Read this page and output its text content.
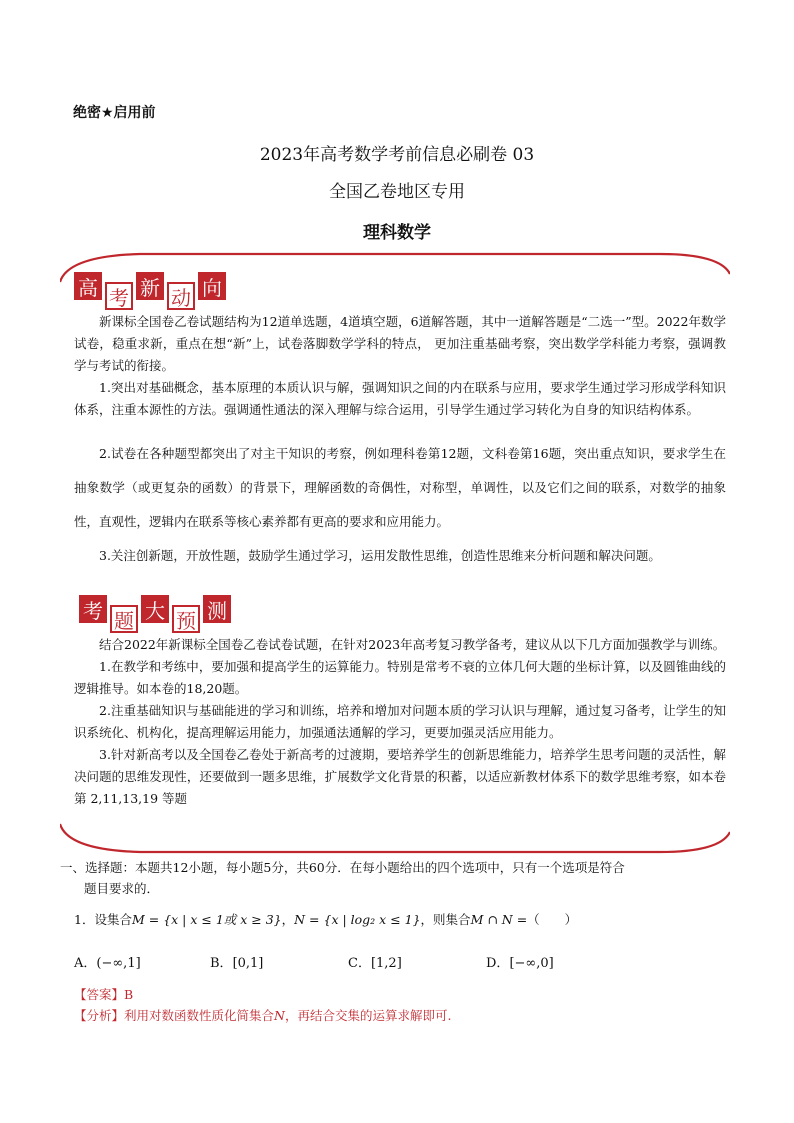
绝密★启用前
2023年高考数学考前信息必刷卷 03
全国乙卷地区专用
理科数学
高 考 新 动 向

新课标全国卷乙卷试题结构为12道单选题，4道填空题，6道解答题，其中一道解答题是“二选一”型。2022年数学试卷，稳重求新，重点在想“新”上，试卷落脚数学学科的特点， 更加注重基础考察，突出数学学科能力考察，强调教学与考试的衔接。

1.突出对基础概念，基本原理的本质认识与解，强调知识之间的内在联系与应用，要求学生通过学习形成学科知识体系，注重本源性的方法。强调通性通法的深入理解与综合运用，引导学生通过学习转化为自身的知识结构体系。

2.试卷在各种题型都突出了对主干知识的考察，例如理科卷第12题，文科卷第16题，突出重点知识，要求学生在抽象数学（或更复杂的函数）的背景下，理解函数的奇偶性，对称型，单调性，以及它们之间的联系，对数学的抽象性，直观性，逻辑内在联系等核心素养都有更高的要求和应用能力。

3.关注创新题，开放性题，鼓励学生通过学习，运用发散性思维，创造性思维来分析问题和解决问题。

考 题 大 预 测

结合2022年新课标全国卷乙卷试卷试题，在针对2023年高考复习教学备考，建议从以下几方面加强教学与训练。

1.在教学和考练中，要加强和提高学生的运算能力。特别是常考不衰的立体几何大题的坐标计算，以及圆锥曲线的逻辑推导。如本卷的18,20题。

2.注重基础知识与基础能进的学习和训练，培养和增加对问题本质的学习认识与理解，通过复习备考，让学生的知识系统化、机构化，提高理解运用能力，加强通法通解的学习，更要加强灵活应用能力。

3.针对新高考以及全国卷乙卷处于新高考的过渡期，要培养学生的创新思维能力，培养学生思考问题的灵活性，解决问题的思维发现性，还要做到一题多思维，扩展数学文化背景的积蓄，以适应新教材体系下的数学思维考察，如本卷第 2,11,13,19 等题

一、选择题：本题共12小题，每小题5分，共60分．在每小题给出的四个选项中，只有一个选项是符合
题目要求的．
1．设集合M = {x | x ≤ 1或 x ≥ 3}，N = {x | log₂ x ≤ 1}，则集合M ∩ N =（　　）
A．(−∞,1]	B．[0,1]	C．[1,2]	D．[−∞,0]
【答案】B
【分析】利用对数函数性质化简集合N，再结合交集的运算求解即可.
